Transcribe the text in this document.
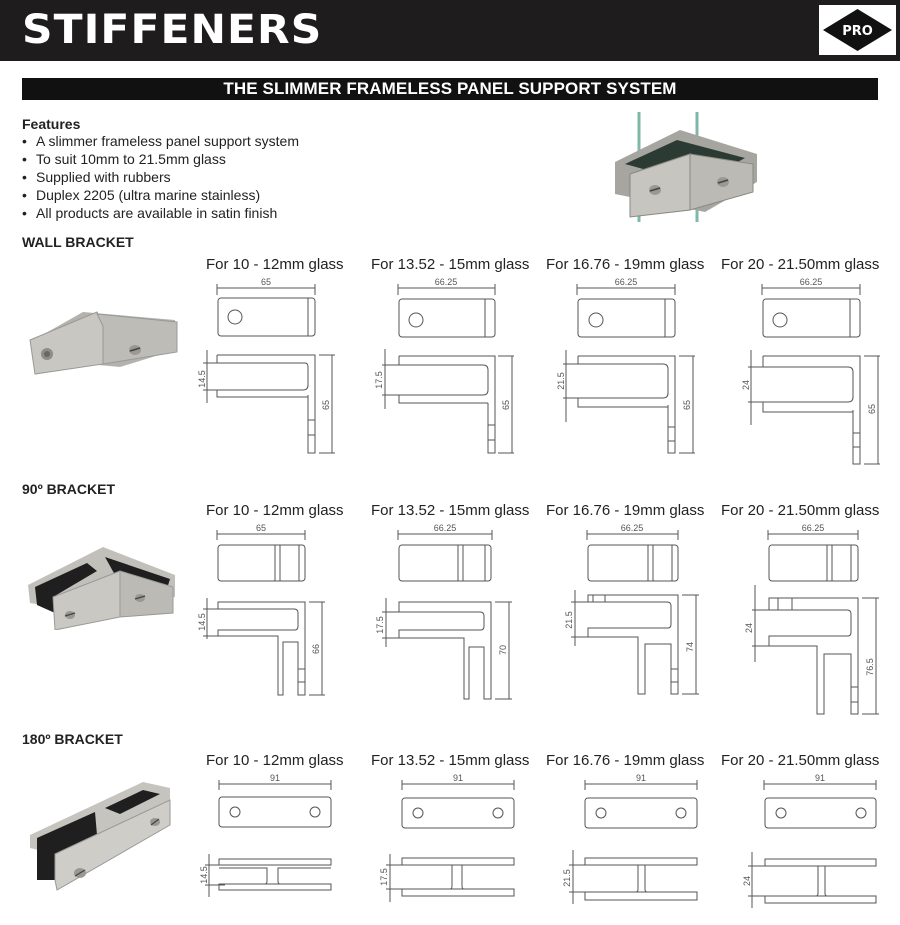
STIFFENERS	PRO
THE SLIMMER FRAMELESS PANEL SUPPORT SYSTEM
Features
• A slimmer frameless panel support system
• To suit 10mm to 21.5mm glass
• Supplied with rubbers
• Duplex 2205 (ultra marine stainless)
• All products are available in satin finish
WALL BRACKET
For 10 - 12mm glass For 13.52 - 15mm glass For 16.76 - 19mm glass For 20 - 21.50mm glass
65
14.5
65
66.25
17.5
65
66.25
21.5
65
66.25
24
65
90º BRACKET
For 10 - 12mm glass For 13.52 - 15mm glass For 16.76 - 19mm glass For 20 - 21.50mm glass
65
14.5
66
66.25
17.5
70
66.25
21.5
74
66.25
24
76.5
180º BRACKET
For 10 - 12mm glass For 13.52 - 15mm glass For 16.76 - 19mm glass For 20 - 21.50mm glass
91
14.5
91
17.5
91
21.5
91
24
